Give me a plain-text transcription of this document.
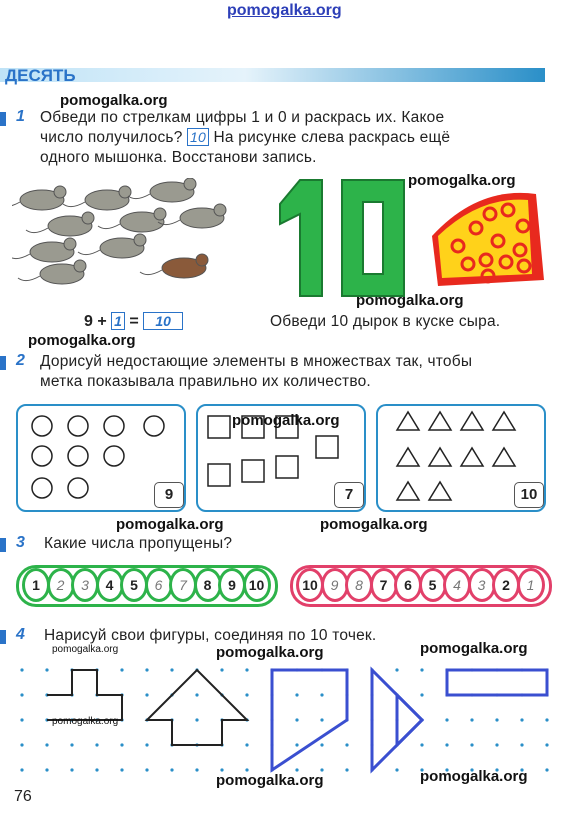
pomogalka.org
ДЕСЯТЬ
1 Обведи по стрелкам цифры 1 и 0 и раскрась их. Какое
число получилось? 10 На рисунке слева раскрась ещё
одного мышонка. Восстанови запись.
9 + 1 = 10	Обведи 10 дырок в куске сыра.
2 Дорисуй недостающие элементы в множествах так, чтобы
метка показывала правильно их количество.
9	7	10
3 Какие числа пропущены?
1	2	3	4	5	6	7	8	9 10	10 9	8	7	6	5	4	3	2	1
4 Нарисуй свои фигуры, соединяя по 10 точек.
76
pomogalka.org
pomogalka.org
pomogalka.org
pomogalka.org
pomogalka.org
pomogalka.org	pomogalka.org
pomogalka.org	pomogalka.org	pomogalka.org
pomogalka.org
pomogalka.org	pomogalka.org
